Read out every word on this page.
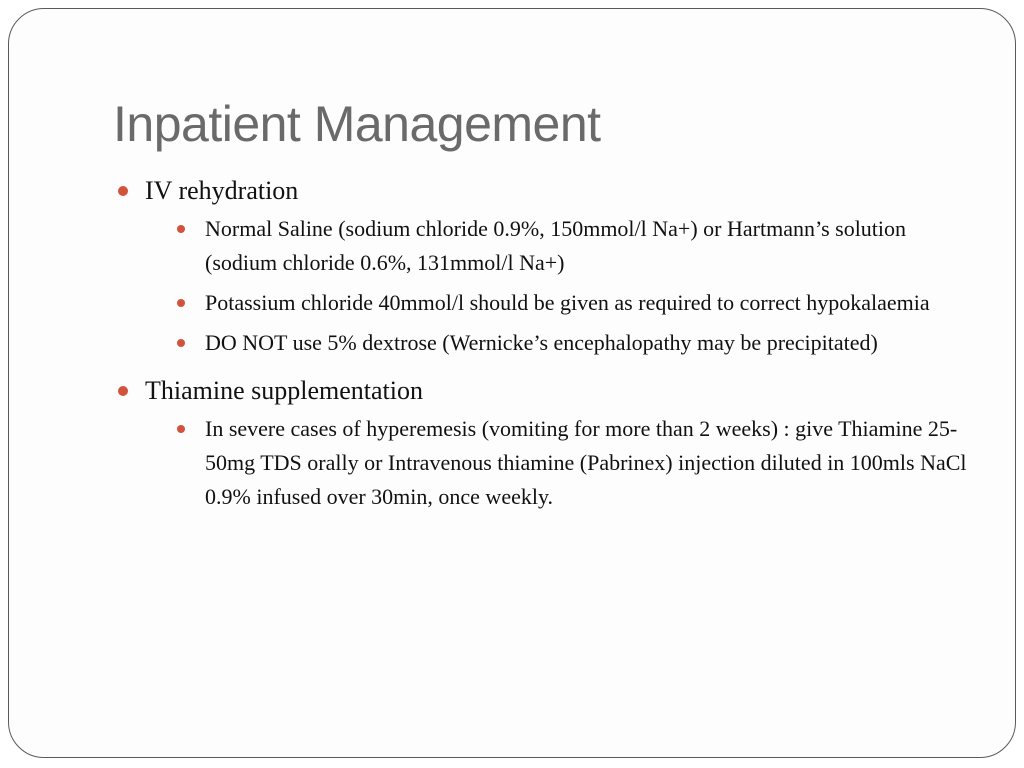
Inpatient Management
IV rehydration
Normal Saline (sodium chloride 0.9%, 150mmol/l Na+) or Hartmann’s solution (sodium chloride 0.6%, 131mmol/l Na+)
Potassium chloride 40mmol/l should be given as required to correct hypokalaemia
DO NOT use 5% dextrose (Wernicke’s encephalopathy may be precipitated)
Thiamine supplementation
In severe cases of hyperemesis (vomiting for more than 2 weeks) : give Thiamine 25-50mg TDS orally or Intravenous thiamine (Pabrinex) injection diluted in 100mls NaCl 0.9% infused over 30min, once weekly.
